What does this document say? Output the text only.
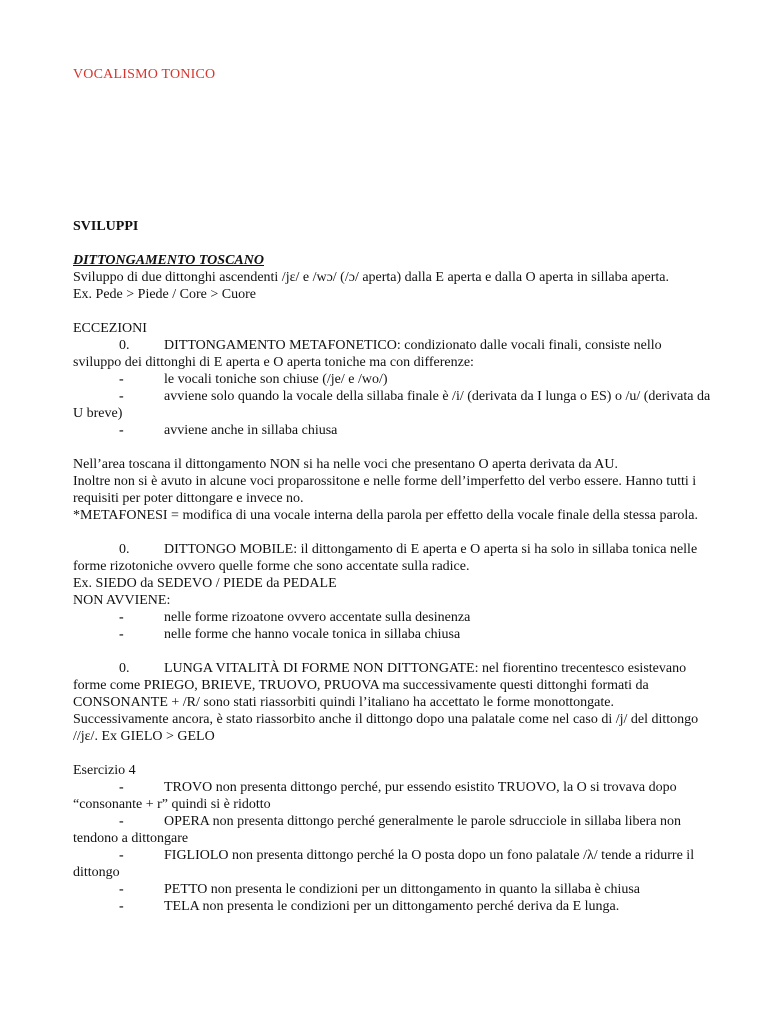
VOCALISMO TONICO
SVILUPPI

DITTONGAMENTO TOSCANO

Sviluppo di due dittonghi ascendenti /jɛ/ e /wɔ/ (/ɔ/ aperta) dalla E aperta e dalla O aperta in sillaba aperta.

Ex. Pede > Piede / Core > Cuore

ECCEZIONI

0. DITTONGAMENTO METAFONETICO: condizionato dalle vocali finali, consiste nello sviluppo dei dittonghi di E aperta e O aperta toniche ma con differenze:

-	le vocali toniche son chiuse (/je/ e /wo/)

-	avviene solo quando la vocale della sillaba finale è /i/ (derivata da I lunga o ES) o /u/ (derivata da U breve)

-	avviene anche in sillaba chiusa

Nell’area toscana il dittongamento NON si ha nelle voci che presentano O aperta derivata da AU.

Inoltre non si è avuto in alcune voci proparossitone e nelle forme dell’imperfetto del verbo essere. Hanno tutti i requisiti per poter dittongare e invece no.

*METAFONESI = modifica di una vocale interna della parola per effetto della vocale finale della stessa parola.

0. DITTONGO MOBILE: il dittongamento di E aperta e O aperta si ha solo in sillaba tonica nelle forme rizotoniche ovvero quelle forme che sono accentate sulla radice.

Ex. SIEDO da SEDEVO / PIEDE da PEDALE

NON AVVIENE:

-	nelle forme rizoatone ovvero accentate sulla desinenza
-	nelle forme che hanno vocale tonica in sillaba chiusa

0. LUNGA VITALITÀ DI FORME NON DITTONGATE: nel fiorentino trecentesco esistevano forme come PRIEGO, BRIEVE, TRUOVO, PRUOVA ma successivamente questi dittonghi formati da CONSONANTE + /R/ sono stati riassorbiti quindi l’italiano ha accettato le forme monottongate. Successivamente ancora, è stato riassorbito anche il dittongo dopo una palatale come nel caso di /j/ del dittongo //jɛ/. Ex GIELO > GELO

Esercizio 4

-	TROVO non presenta dittongo perché, pur essendo esistito TRUOVO, la O si trovava dopo “consonante + r” quindi si è ridotto

-	OPERA non presenta dittongo perché generalmente le parole sdrucciole in sillaba libera non tendono a dittongare

-	FIGLIOLO non presenta dittongo perché la O posta dopo un fono palatale /λ/ tende a ridurre il dittongo

-	PETTO non presenta le condizioni per un dittongamento in quanto la sillaba è chiusa
-	TELA non presenta le condizioni per un dittongamento perché deriva da E lunga.
